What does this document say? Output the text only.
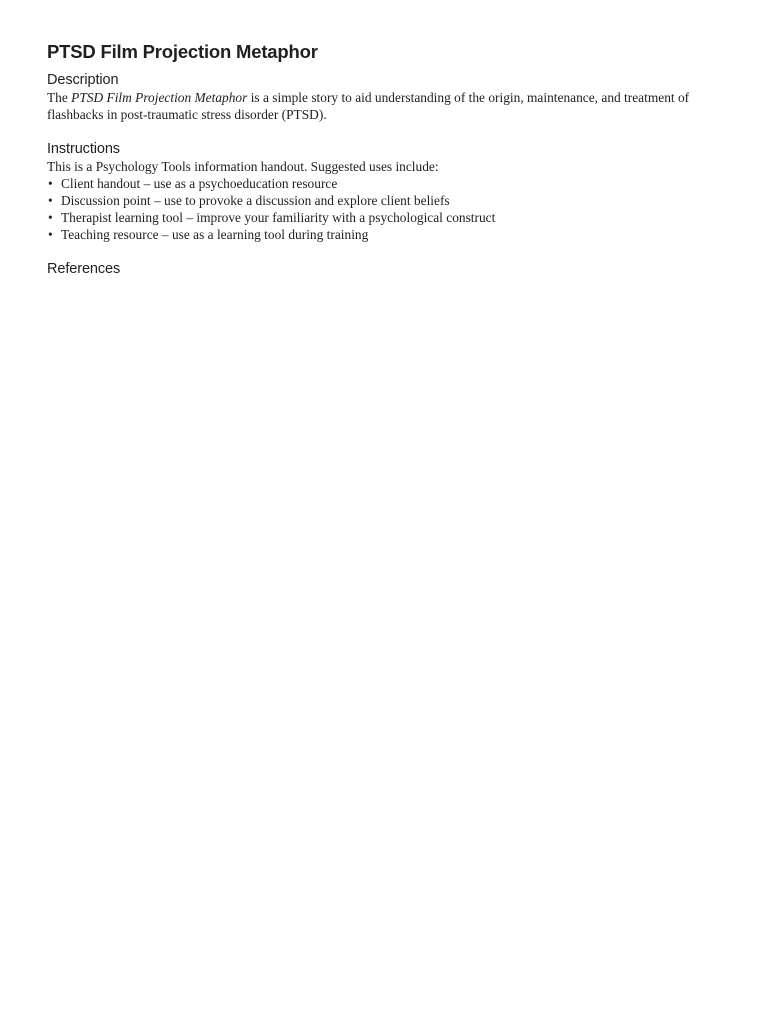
PTSD Film Projection Metaphor
Description

The PTSD Film Projection Metaphor is a simple story to aid understanding of the origin, maintenance, and treatment of flashbacks in post-traumatic stress disorder (PTSD).

Instructions

This is a Psychology Tools information handout. Suggested uses include:

• Client handout – use as a psychoeducation resource
• Discussion point – use to provoke a discussion and explore client beliefs
• Therapist learning tool – improve your familiarity with a psychological construct
• Teaching resource – use as a learning tool during training
References
